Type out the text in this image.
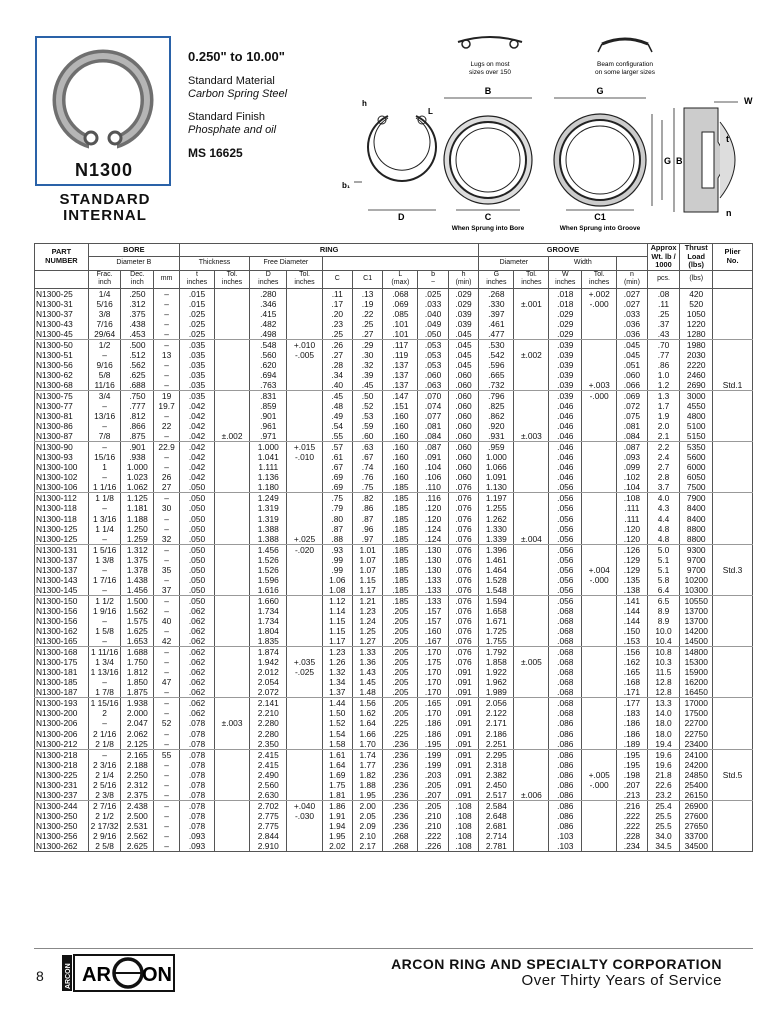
N1300
STANDARD
INTERNAL
0.250" to 10.00"
Standard Material
Carbon Spring Steel
Standard Finish
Phosphate and oil
MS 16625
Lugs on most
sizes over 150
Beam configuration
on some larger sizes
h
L
b₁
D
B
C
When Sprung into Bore
G
C1
When Sprung into Groove
W
t
G B
n
PART
NUMBER	BORE			RING									GROOVE					Approx
Wt. lb /
1000	Thrust
Load
(lbs)	Plier
No.
	Diameter B			Thickness		Free Diameter							Diameter		Width					
	Frac.
inch	Dec.
inch	mm	t
inches	Tol.
inches	D
inches	Tol.
inches	C	C1	L
(max)	b
~	h
(min)	G
inches	Tol.
inches	W
inches	Tol.
inches	n
(min)	pcs.	(lbs)	
N1300-25	1/4	.250	–	.015		.280		.11	.13	.068	.025	.029	.268		.018	+.002	.027	.08	420	
N1300-31	5/16	.312	–	.015		.346		.17	.19	.069	.033	.029	.330	±.001	.018	-.000	.027	.11	520	
N1300-37	3/8	.375	–	.025		.415		.20	.22	.085	.040	.039	.397		.029		.033	.25	1050	
N1300-43	7/16	.438	–	.025		.482		.23	.25	.101	.049	.039	.461		.029		.036	.37	1220	
N1300-45	29/64	.453	–	.025		.498		.25	.27	.101	.050	.045	.477		.029		.036	.43	1280	
N1300-50	1/2	.500	–	.035		.548	+.010	.26	.29	.117	.053	.045	.530		.039		.045	.70	1980	
N1300-51	–	.512	13	.035		.560	-.005	.27	.30	.119	.053	.045	.542	±.002	.039		.045	.77	2030	
N1300-56	9/16	.562	–	.035		.620		.28	.32	.137	.053	.045	.596		.039		.051	.86	2220	
N1300-62	5/8	.625	–	.035		.694		.34	.39	.137	.060	.060	.665		.039		.060	1.0	2460	
N1300-68	11/16	.688	–	.035		.763		.40	.45	.137	.063	.060	.732		.039	+.003	.066	1.2	2690	Std.1
N1300-75	3/4	.750	19	.035		.831		.45	.50	.147	.070	.060	.796		.039	-.000	.069	1.3	3000	
N1300-77	–	.777	19.7	.042		.859		.48	.52	.151	.074	.060	.825		.046		.072	1.7	4550	
N1300-81	13/16	.812	–	.042		.901		.49	.53	.160	.077	.060	.862		.046		.075	1.9	4800	
N1300-86	–	.866	22	.042		.961		.54	.59	.160	.081	.060	.920		.046		.081	2.0	5100	
N1300-87	7/8	.875	–	.042	±.002	.971		.55	.60	.160	.084	.060	.931	±.003	.046		.084	2.1	5150	
N1300-90	–	.901	22.9	.042		1.000	+.015	.57	.63	.160	.087	.060	.959		.046		.087	2.2	5350	
N1300-93	15/16	.938	–	.042		1.041	-.010	.61	.67	.160	.091	.060	1.000		.046		.093	2.4	5600	
N1300-100	1	1.000	–	.042		1.111		.67	.74	.160	.104	.060	1.066		.046		.099	2.7	6000	
N1300-102	–	1.023	26	.042		1.136		.69	.76	.160	.106	.060	1.091		.046		.102	2.8	6050	
N1300-106	1 1/16	1.062	27	.050		1.180		.69	.75	.185	.110	.076	1.130		.056		.104	3.7	7500	
N1300-112	1 1/8	1.125	–	.050		1.249		.75	.82	.185	.116	.076	1.197		.056		.108	4.0	7900	
N1300-118	–	1.181	30	.050		1.319		.79	.86	.185	.120	.076	1.255		.056		.111	4.3	8400	
N1300-118	1 3/16	1.188	–	.050		1.319		.80	.87	.185	.120	.076	1.262		.056		.111	4.4	8400	
N1300-125	1 1/4	1.250	–	.050		1.388		.87	.96	.185	.124	.076	1.330		.056		.120	4.8	8800	
N1300-125	–	1.259	32	.050		1.388	+.025	.88	.97	.185	.124	.076	1.339	±.004	.056		.120	4.8	8800	
N1300-131	1 5/16	1.312	–	.050		1.456	-.020	.93	1.01	.185	.130	.076	1.396		.056		.126	5.0	9300	
N1300-137	1 3/8	1.375	–	.050		1.526		.99	1.07	.185	.130	.076	1.461		.056		.129	5.1	9700	
N1300-137	–	1.378	35	.050		1.526		.99	1.07	.185	.130	.076	1.464		.056	+.004	.129	5.1	9700	Std.3
N1300-143	1 7/16	1.438	–	.050		1.596		1.06	1.15	.185	.133	.076	1.528		.056	-.000	.135	5.8	10200	
N1300-145	–	1.456	37	.050		1.616		1.08	1.17	.185	.133	.076	1.548		.056		.138	6.4	10300	
N1300-150	1 1/2	1.500	–	.050		1.660		1.12	1.21	.185	.133	.076	1.594		.056		.141	6.5	10550	
N1300-156	1 9/16	1.562	–	.062		1.734		1.14	1.23	.205	.157	.076	1.658		.068		.144	8.9	13700	
N1300-156	–	1.575	40	.062		1.734		1.15	1.24	.205	.157	.076	1.671		.068		.144	8.9	13700	
N1300-162	1 5/8	1.625	–	.062		1.804		1.15	1.25	.205	.160	.076	1.725		.068		.150	10.0	14200	
N1300-165	–	1.653	42	.062		1.835		1.17	1.27	.205	.167	.076	1.755		.068		.153	10.4	14500	
N1300-168	1 11/16	1.688	–	.062		1.874		1.23	1.33	.205	.170	.076	1.792		.068		.156	10.8	14800	
N1300-175	1 3/4	1.750	–	.062		1.942	+.035	1.26	1.36	.205	.175	.076	1.858	±.005	.068		.162	10.3	15300	
N1300-181	1 13/16	1.812	–	.062		2.012	-.025	1.32	1.43	.205	.170	.091	1.922		.068		.165	11.5	15900	
N1300-185	–	1.850	47	.062		2.054		1.34	1.45	.205	.170	.091	1.962		.068		.168	12.8	16200	
N1300-187	1 7/8	1.875	–	.062		2.072		1.37	1.48	.205	.170	.091	1.989		.068		.171	12.8	16450	
N1300-193	1 15/16	1.938	–	.062		2.141		1.44	1.56	.205	.165	.091	2.056		.068		.177	13.3	17000	
N1300-200	2	2.000	–	.062		2.210		1.50	1.62	.205	.170	.091	2.122		.068		.183	14.0	17500	
N1300-206	–	2.047	52	.078	±.003	2.280		1.52	1.64	.225	.186	.091	2.171		.086		.186	18.0	22700	
N1300-206	2 1/16	2.062	–	.078		2.280		1.54	1.66	.225	.186	.091	2.186		.086		.186	18.0	22750	
N1300-212	2 1/8	2.125	–	.078		2.350		1.58	1.70	.236	.195	.091	2.251		.086		.189	19.4	23400	
N1300-218	–	2.165	55	.078		2.415		1.61	1.74	.236	.199	.091	2.295		.086		.195	19.6	24100	
N1300-218	2 3/16	2.188	–	.078		2.415		1.64	1.77	.236	.199	.091	2.318		.086		.195	19.6	24200	
N1300-225	2 1/4	2.250	–	.078		2.490		1.69	1.82	.236	.203	.091	2.382		.086	+.005	.198	21.8	24850	Std.5
N1300-231	2 5/16	2.312	–	.078		2.560		1.75	1.88	.236	.205	.091	2.450		.086	-.000	.207	22.6	25400	
N1300-237	2 3/8	2.375	–	.078		2.630		1.81	1.95	.236	.207	.091	2.517	±.006	.086		.213	23.2	26150	
N1300-244	2 7/16	2.438	–	.078		2.702	+.040	1.86	2.00	.236	.205	.108	2.584		.086		.216	25.4	26900	
N1300-250	2 1/2	2.500	–	.078		2.775	-.030	1.91	2.05	.236	.210	.108	2.648		.086		.222	25.5	27600	
N1300-250	2 17/32	2.531	–	.078		2.775		1.94	2.09	.236	.210	.108	2.681		.086		.222	25.5	27650	
N1300-256	2 9/16	2.562	–	.093		2.844		1.95	2.10	.268	.222	.108	2.714		.103		.228	34.0	33700	
N1300-262	2 5/8	2.625	–	.093		2.910		2.02	2.17	.268	.226	.108	2.781		.103		.234	34.5	34500	
8	ARCON AR ON	ARCON RING AND SPECIALTY CORPORATION
Over Thirty Years of Service
